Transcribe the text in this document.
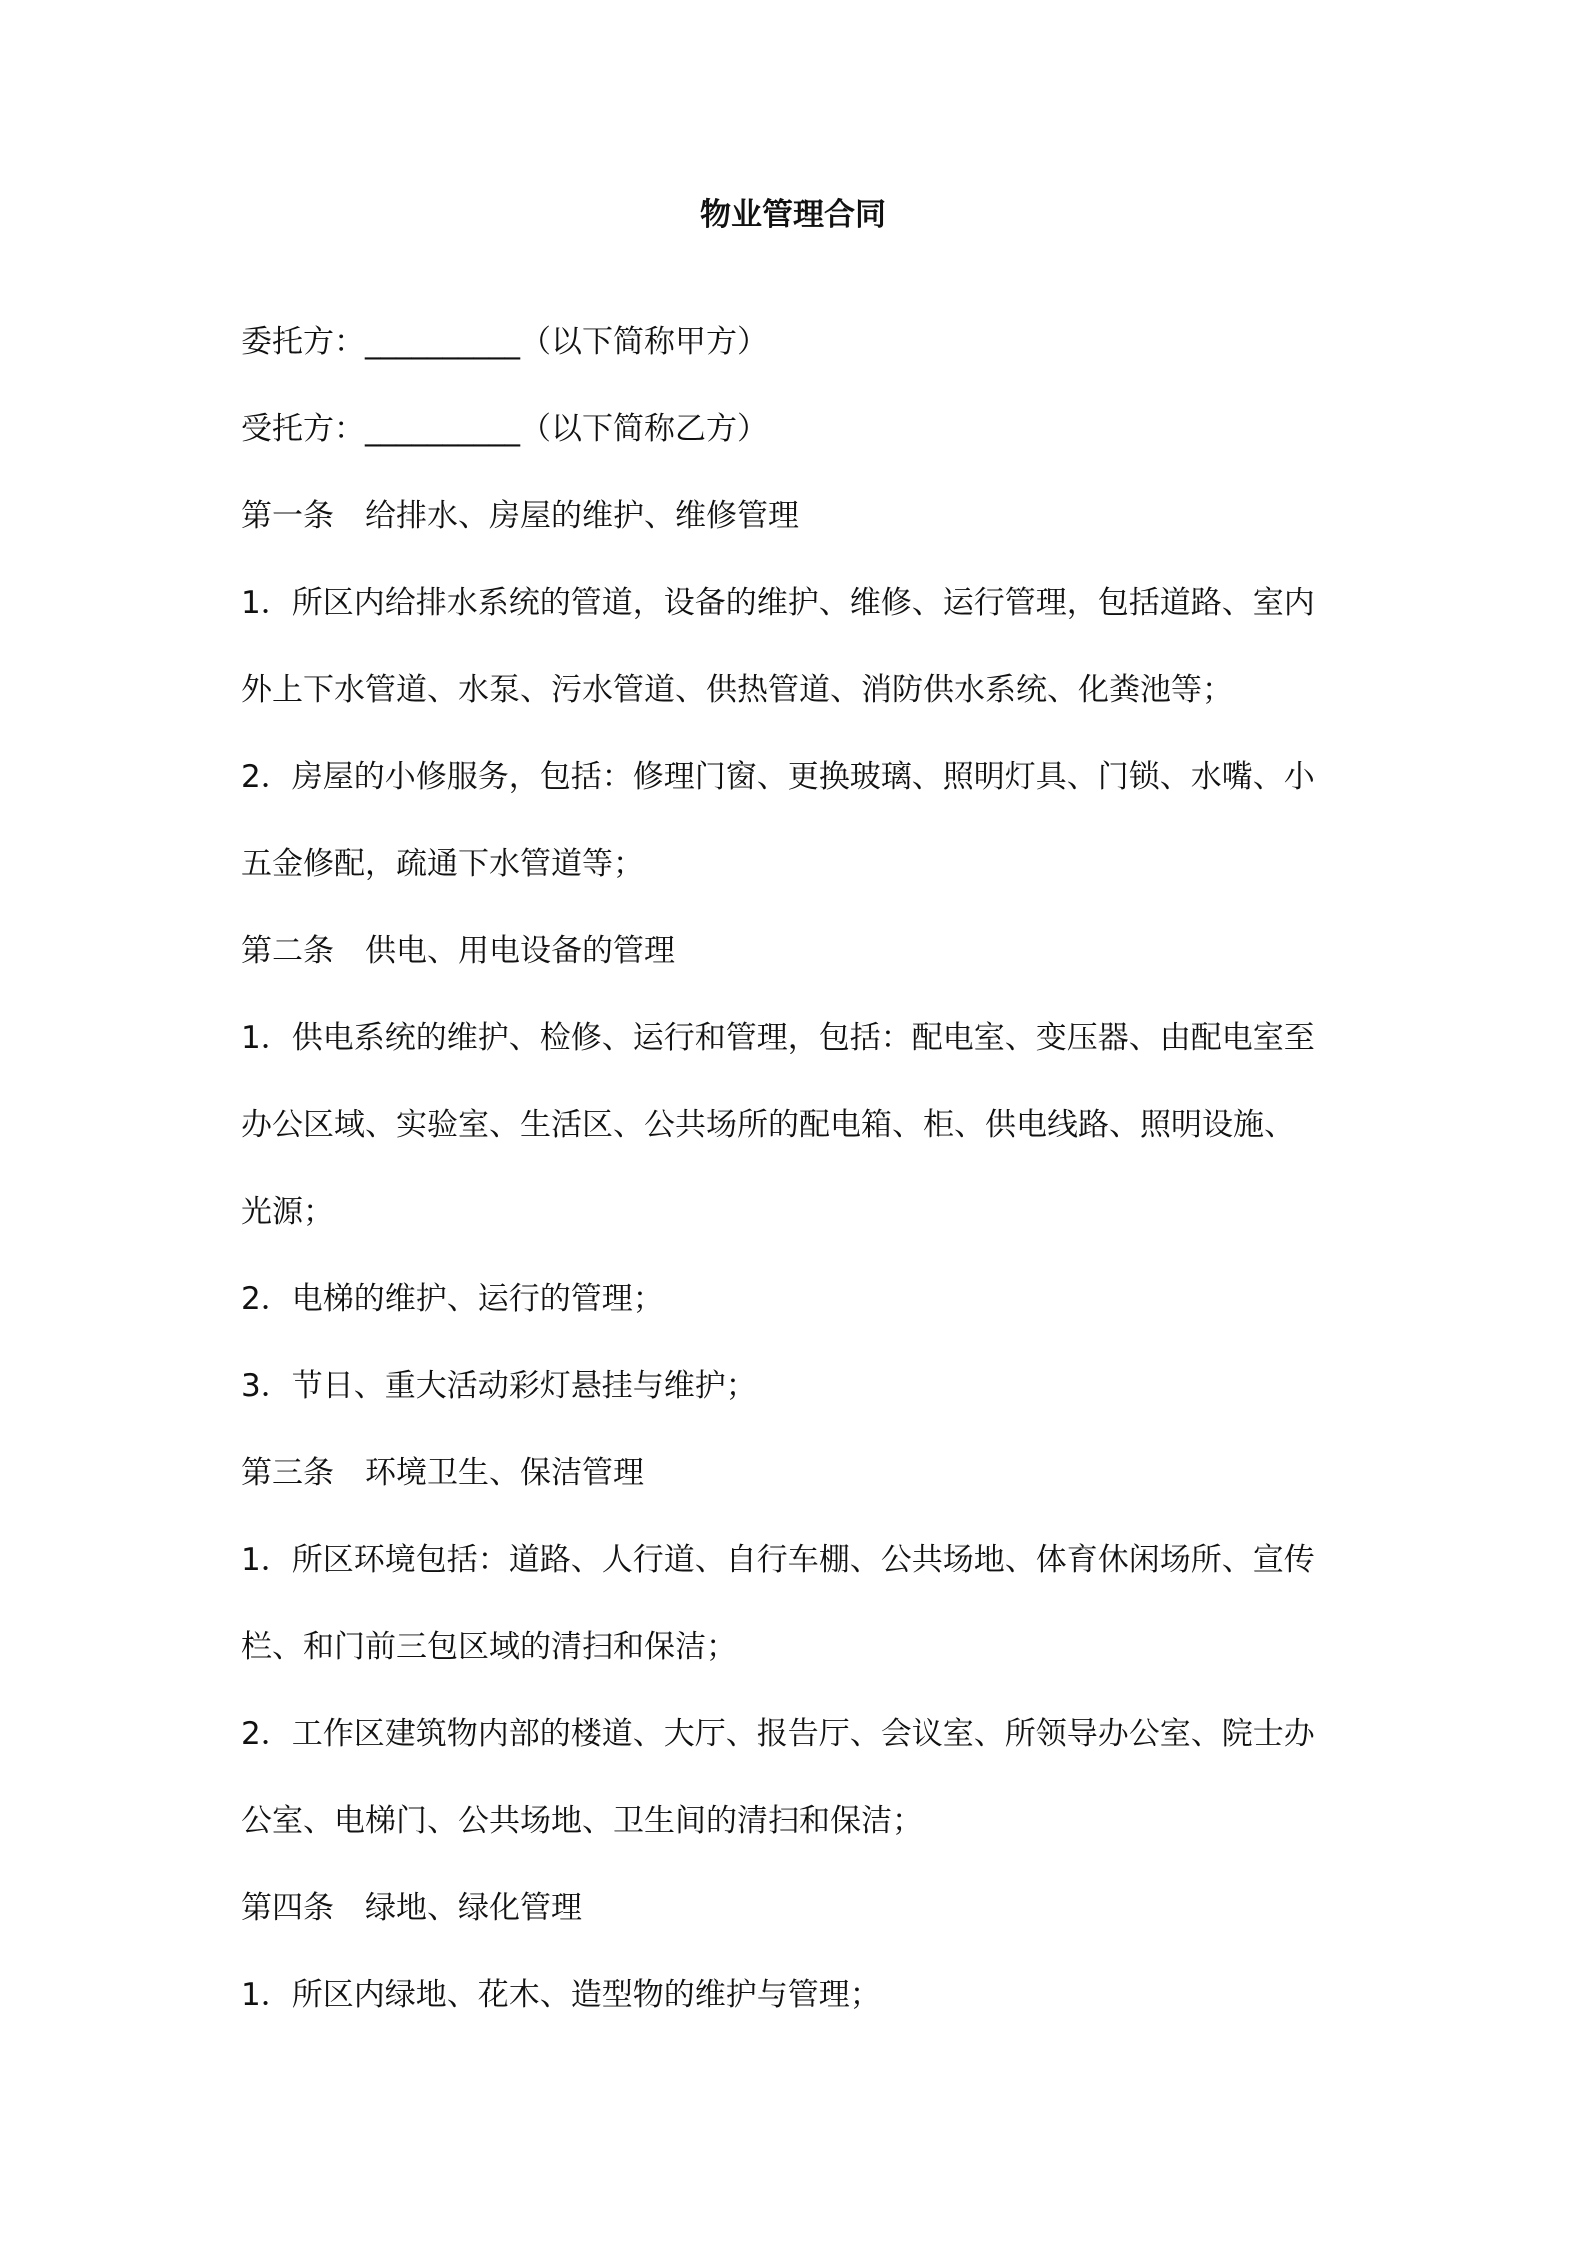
物业管理合同
委托方：__________（以下简称甲方）
受托方：__________（以下简称乙方）
第一条　给排水、房屋的维护、维修管理
1．所区内给排水系统的管道，设备的维护、维修、运行管理，包括道路、室内
外上下水管道、水泵、污水管道、供热管道、消防供水系统、化粪池等；
2．房屋的小修服务，包括：修理门窗、更换玻璃、照明灯具、门锁、水嘴、小
五金修配，疏通下水管道等；
第二条　供电、用电设备的管理
1．供电系统的维护、检修、运行和管理，包括：配电室、变压器、由配电室至
办公区域、实验室、生活区、公共场所的配电箱、柜、供电线路、照明设施、
光源；
2．电梯的维护、运行的管理；
3．节日、重大活动彩灯悬挂与维护；
第三条　环境卫生、保洁管理
1．所区环境包括：道路、人行道、自行车棚、公共场地、体育休闲场所、宣传
栏、和门前三包区域的清扫和保洁；
2．工作区建筑物内部的楼道、大厅、报告厅、会议室、所领导办公室、院士办
公室、电梯门、公共场地、卫生间的清扫和保洁；
第四条　绿地、绿化管理
1．所区内绿地、花木、造型物的维护与管理；
